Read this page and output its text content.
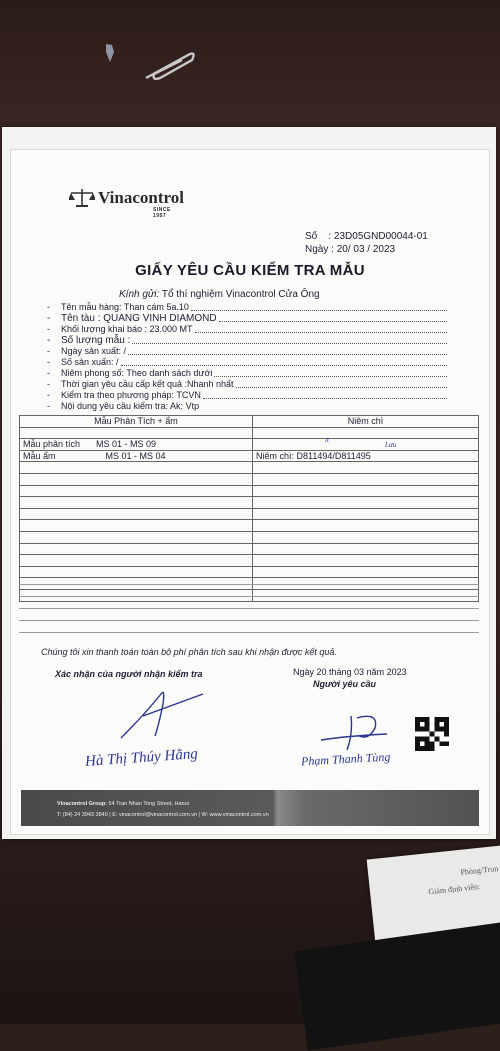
Vinacontrol
SINCE 1957
Số : 23D05GND00044-01
Ngày : 20/ 03 / 2023
GIẤY YÊU CẦU KIỂM TRA MẪU
Kính gửi: Tổ thí nghiệm Vinacontrol Cửa Ông
-	Tên mẫu hàng: Than cám 5a.10
-	Tên tàu : QUANG VINH DIAMOND
-	Khối lượng khai báo : 23.000 MT
-	Số lượng mẫu :
-	Ngày sản xuất: /
-	Số sản xuấn: /
-	Niêm phong số: Theo danh sách dưới
-	Thời gian yêu cầu cấp kết quả :Nhanh nhất
-	Kiểm tra theo phương pháp: TCVN
-	Nội dung yêu cầu kiểm tra: Ak; Vtp
Mẫu Phân Tích + ẩm	Niêm chì

Mẫu phân tích MS 01 - MS 09	π
Lưu

Mẫu ẩm MS 01 - MS 04	Niêm chì: D811494/D811495

Chúng tôi xin thanh toán toàn bộ phí phân tích sau khi nhận được kết quả.
Xác nhận của người nhận kiểm tra	Ngày 20 tháng 03 năm 2023
Người yêu cầu
Hà Thị Thúy Hằng	Phạm Thanh Tùng
Vinacontrol Group: 54 Tran Nhan Tong Street, Hanoi
T: (84) 24 3943 3840 | E: vinacontrol@vinacontrol.com.vn | W: www.vinacontrol.com.vn
Phòng/Trun
Giám định viên:
